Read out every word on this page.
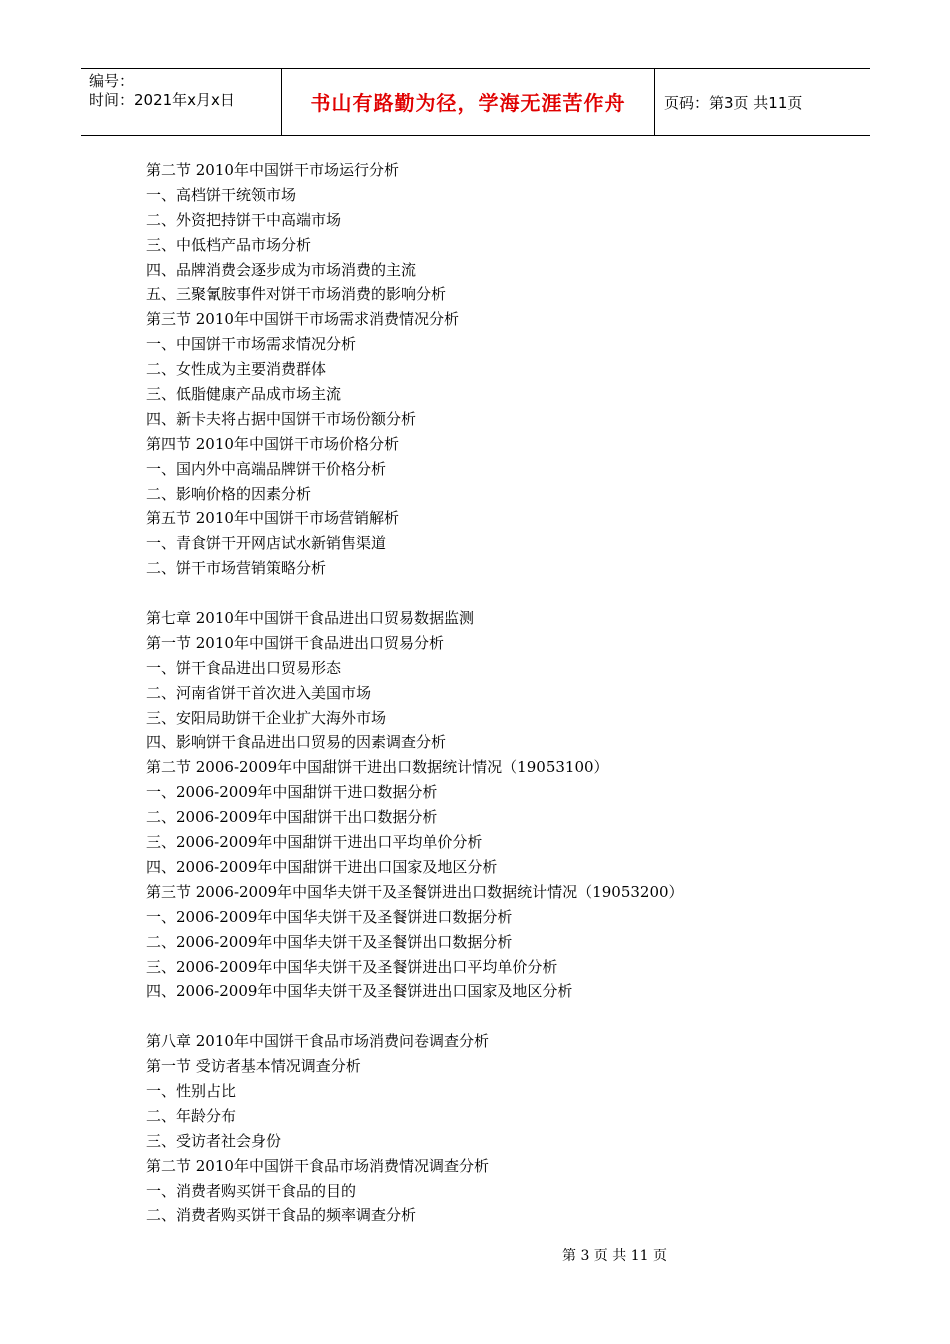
编号：
时间：2021年x月x日	书山有路勤为径，学海无涯苦作舟	页码：第3页 共11页
第二节 2010年中国饼干市场运行分析
一、高档饼干统领市场
二、外资把持饼干中高端市场
三、中低档产品市场分析
四、品牌消费会逐步成为市场消费的主流
五、三聚氰胺事件对饼干市场消费的影响分析
第三节 2010年中国饼干市场需求消费情况分析
一、中国饼干市场需求情况分析
二、女性成为主要消费群体
三、低脂健康产品成市场主流
四、新卡夫将占据中国饼干市场份额分析
第四节 2010年中国饼干市场价格分析
一、国内外中高端品牌饼干价格分析
二、影响价格的因素分析
第五节 2010年中国饼干市场营销解析
一、青食饼干开网店试水新销售渠道
二、饼干市场营销策略分析
第七章 2010年中国饼干食品进出口贸易数据监测
第一节 2010年中国饼干食品进出口贸易分析
一、饼干食品进出口贸易形态
二、河南省饼干首次进入美国市场
三、安阳局助饼干企业扩大海外市场
四、影响饼干食品进出口贸易的因素调查分析
第二节 2006-2009年中国甜饼干进出口数据统计情况（19053100）
一、2006-2009年中国甜饼干进口数据分析
二、2006-2009年中国甜饼干出口数据分析
三、2006-2009年中国甜饼干进出口平均单价分析
四、2006-2009年中国甜饼干进出口国家及地区分析
第三节 2006-2009年中国华夫饼干及圣餐饼进出口数据统计情况（19053200）
一、2006-2009年中国华夫饼干及圣餐饼进口数据分析
二、2006-2009年中国华夫饼干及圣餐饼出口数据分析
三、2006-2009年中国华夫饼干及圣餐饼进出口平均单价分析
四、2006-2009年中国华夫饼干及圣餐饼进出口国家及地区分析
第八章 2010年中国饼干食品市场消费问卷调查分析
第一节 受访者基本情况调查分析
一、性别占比
二、年龄分布
三、受访者社会身份
第二节 2010年中国饼干食品市场消费情况调查分析
一、消费者购买饼干食品的目的
二、消费者购买饼干食品的频率调查分析
第 3 页 共 11 页
